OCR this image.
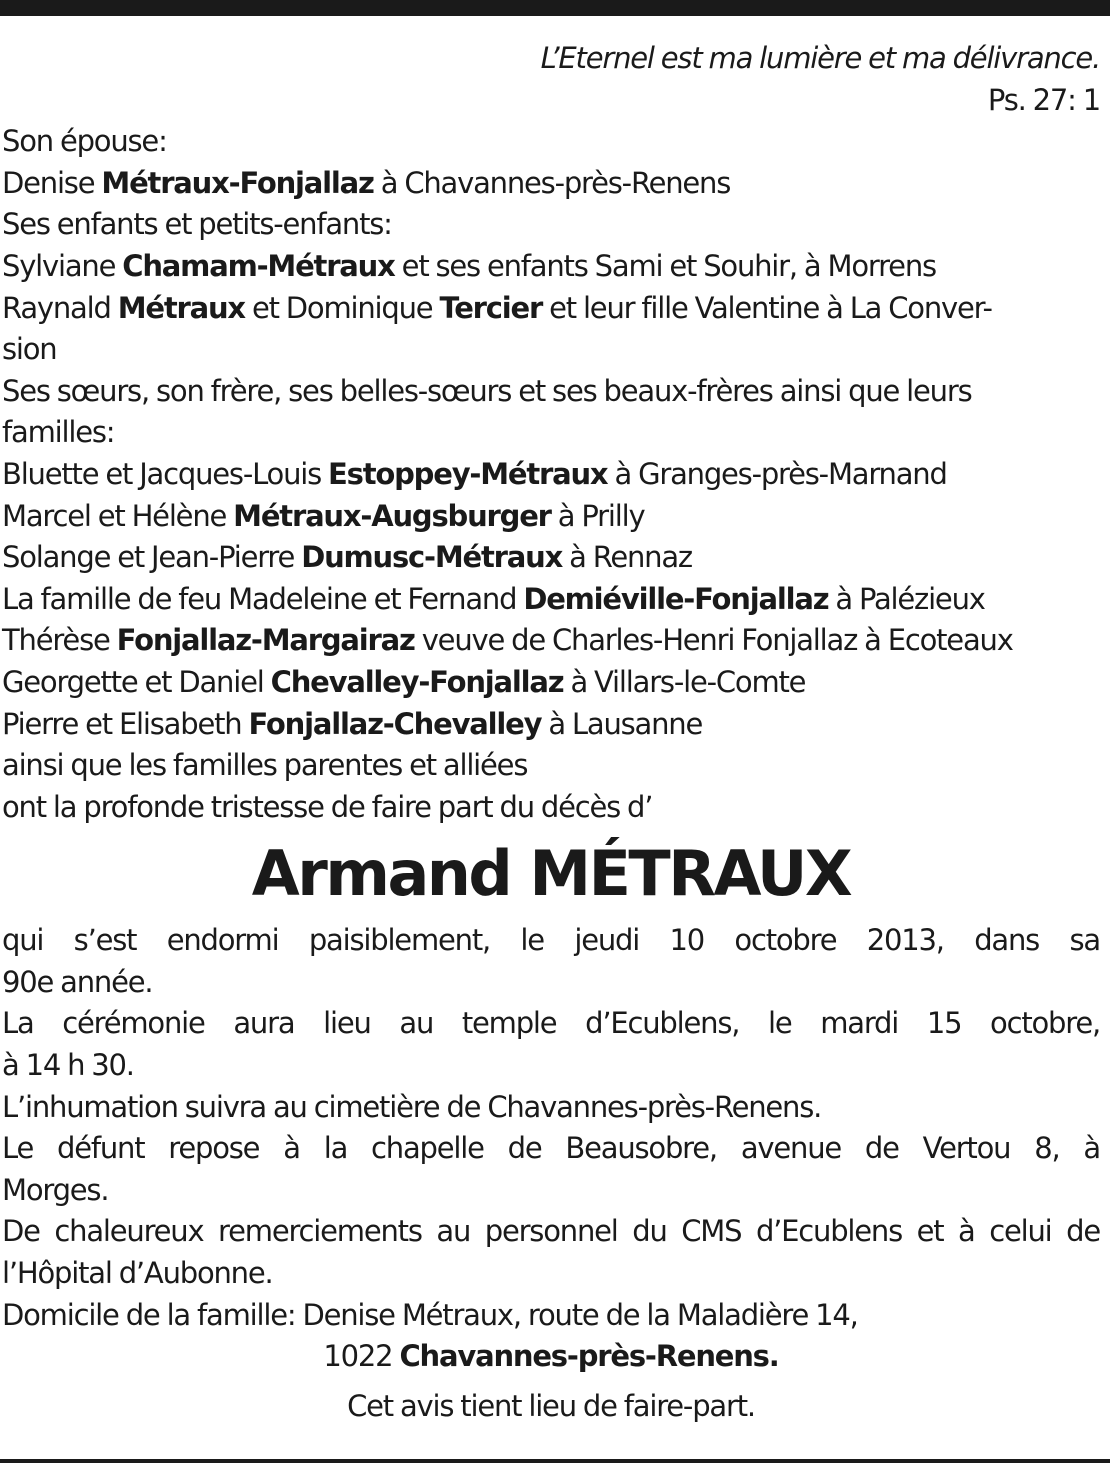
L’Eternel est ma lumière et ma délivrance.
Ps. 27: 1
Son épouse:
Denise Métraux-Fonjallaz à Chavannes-près-Renens
Ses enfants et petits-enfants:
Sylviane Chamam-Métraux et ses enfants Sami et Souhir, à Morrens
Raynald Métraux et Dominique Tercier et leur fille Valentine à La Conver-
sion
Ses sœurs, son frère, ses belles-sœurs et ses beaux-frères ainsi que leurs
familles:
Bluette et Jacques-Louis Estoppey-Métraux à Granges-près-Marnand
Marcel et Hélène Métraux-Augsburger à Prilly
Solange et Jean-Pierre Dumusc-Métraux à Rennaz
La famille de feu Madeleine et Fernand Demiéville-Fonjallaz à Palézieux
Thérèse Fonjallaz-Margairaz veuve de Charles-Henri Fonjallaz à Ecoteaux
Georgette et Daniel Chevalley-Fonjallaz à Villars-le-Comte
Pierre et Elisabeth Fonjallaz-Chevalley à Lausanne
ainsi que les familles parentes et alliées
ont la profonde tristesse de faire part du décès d’
Armand MÉTRAUX
qui s’est endormi paisiblement, le jeudi 10 octobre 2013, dans sa
90e année.
La cérémonie aura lieu au temple d’Ecublens, le mardi 15 octobre,
à 14 h 30.
L’inhumation suivra au cimetière de Chavannes-près-Renens.
Le défunt repose à la chapelle de Beausobre, avenue de Vertou 8, à
Morges.
De chaleureux remerciements au personnel du CMS d’Ecublens et à celui de
l’Hôpital d’Aubonne.
Domicile de la famille: Denise Métraux, route de la Maladière 14,
1022 Chavannes-près-Renens.
Cet avis tient lieu de faire-part.
